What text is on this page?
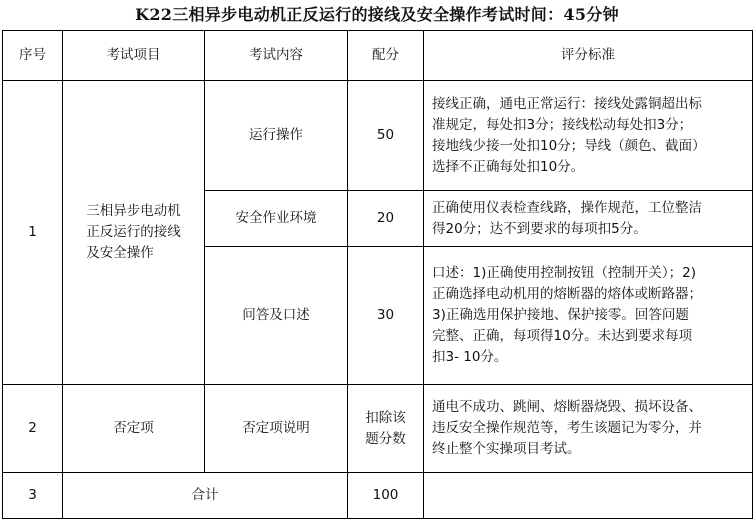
K22三相异步电动机正反运行的接线及安全操作考试时间：45分钟
序号	考试项目	考试内容	配分	评分标准
1	三相异步电动机
正反运行的接线
及安全操作	运行操作	50	接线正确，通电正常运行：接线处露铜超出标
准规定，每处扣3分；接线松动每处扣3分；
接地线少接一处扣10分；导线（颜色、截面）
选择不正确每处扣10分。
		安全作业环境	20	正确使用仪表检查线路，操作规范，工位整洁
得20分；达不到要求的每项扣5分。
		问答及口述	30	口述：1)正确使用控制按钮（控制开关）；2)
正确选择电动机用的熔断器的熔体或断路器；
3)正确选用保护接地、保护接零。回答问题
完整、正确，每项得10分。未达到要求每项
扣3- 10分。
2	否定项	否定项说明	扣除该
题分数	通电不成功、跳闸、熔断器烧毁、损坏设备、
违反安全操作规范等，考生该题记为零分，并
终止整个实操项目考试。
3	合计		100	
